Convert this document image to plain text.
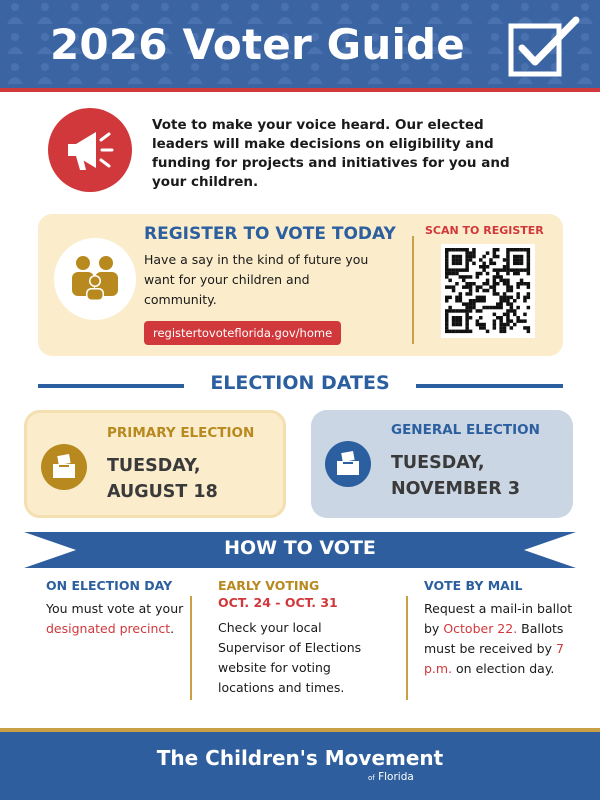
2026 Voter Guide
Vote to make your voice heard. Our elected leaders will make decisions on eligibility and funding for projects and initiatives for you and your children.
REGISTER TO VOTE TODAY
Have a say in the kind of future you want for your children and community.
registertovoteflorida.gov/home
SCAN TO REGISTER
ELECTION DATES
PRIMARY ELECTION
TUESDAY,
AUGUST 18
GENERAL ELECTION
TUESDAY,
NOVEMBER 3
HOW TO VOTE
ON ELECTION DAY
You must vote at your designated precinct.
EARLY VOTING
OCT. 24 - OCT. 31
Check your local Supervisor of Elections website for voting locations and times.
VOTE BY MAIL
Request a mail-in ballot by October 22. Ballots must be received by 7 p.m. on election day.
The Children's Movement
of Florida
